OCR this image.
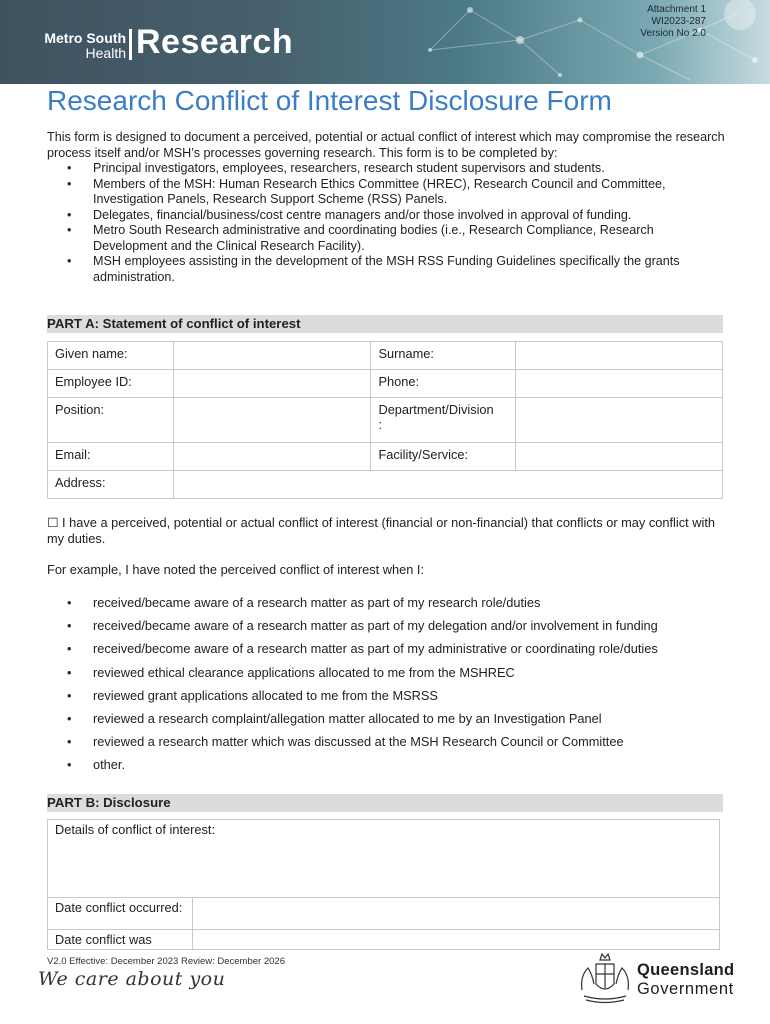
Metro South
Health Research
Attachment 1
WI2023-287
Version No 2.0
Research Conflict of Interest Disclosure Form

This form is designed to document a perceived, potential or actual conflict of interest which may compromise the research process itself and/or MSH’s processes governing research. This form is to be completed by:

• Principal investigators, employees, researchers, research student supervisors and students.
• Members of the MSH: Human Research Ethics Committee (HREC), Research Council and Committee, Investigation Panels, Research Support Scheme (RSS) Panels.
• Delegates, financial/business/cost centre managers and/or those involved in approval of funding.
• Metro South Research administrative and coordinating bodies (i.e., Research Compliance, Research Development and the Clinical Research Facility).
• MSH employees assisting in the development of the MSH RSS Funding Guidelines specifically the grants administration.
PART A: Statement of conflict of interest
Given name:		Surname:	
Employee ID:		Phone:	
Position:		Department/Division
:	
Email:		Facility/Service:	
Address:			
☐ I have a perceived, potential or actual conflict of interest (financial or non-financial) that conflicts or may conflict with my duties.
For example, I have noted the perceived conflict of interest when I:
• received/became aware of a research matter as part of my research role/duties
• received/became aware of a research matter as part of my delegation and/or involvement in funding
• received/become aware of a research matter as part of my administrative or coordinating role/duties
• reviewed ethical clearance applications allocated to me from the MSHREC
• reviewed grant applications allocated to me from the MSRSS
• reviewed a research complaint/allegation matter allocated to me by an Investigation Panel
• reviewed a research matter which was discussed at the MSH Research Council or Committee
• other.
PART B: Disclosure
Details of conflict of interest:	
Date conflict occurred:	
Date conflict was	
V2.0 Effective: December 2023 Review: December 2026
We care about you	Queensland
Government
